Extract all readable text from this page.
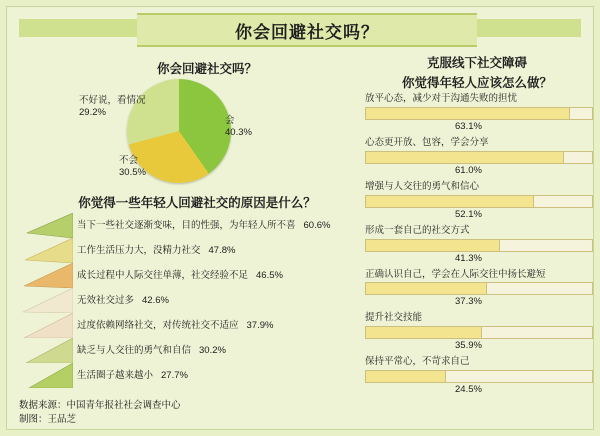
你会回避社交吗？
你会回避社交吗？
会
40.3%
不会
30.5%
不好说，看情况
29.2%
你觉得一些年轻人回避社交的原因是什么？
当下一些社交逐渐变味，目的性强，为年轻人所不喜 60.6%
工作生活压力大，没精力社交 47.8%
成长过程中人际交往单薄，社交经验不足 46.5%
无效社交过多 42.6%
过度依赖网络社交，对传统社交不适应 37.9%
缺乏与人交往的勇气和自信 30.2%
生活圈子越来越小 27.7%
数据来源：中国青年报社社会调查中心
制图：王品芝
克服线下社交障碍
你觉得年轻人应该怎么做？
放平心态，减少对于沟通失败的担忧
63.1%
心态更开放、包容，学会分享
61.0%
增强与人交往的勇气和信心
52.1%
形成一套自己的社交方式
41.3%
正确认识自己，学会在人际交往中扬长避短
37.3%
提升社交技能
35.9%
保持平常心，不苛求自己
24.5%
